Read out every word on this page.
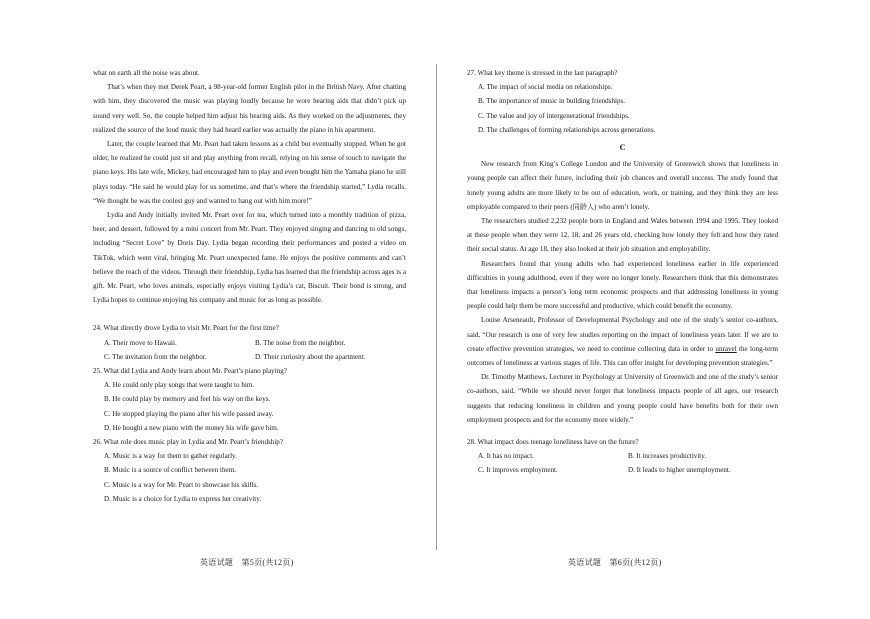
what on earth all the noise was about.

That’s when they met Derek Peart, a 98-year-old former English pilot in the British Navy. After chatting with him, they discovered the music was playing loudly because he wore hearing aids that didn’t pick up sound very well. So, the couple helped him adjust his hearing aids. As they worked on the adjustments, they realized the source of the loud music they had heard earlier was actually the piano in his apartment.

Later, the couple learned that Mr. Peart had taken lessons as a child but eventually stopped. When he got older, he realized he could just sit and play anything from recall, relying on his sense of touch to navigate the piano keys. His late wife, Mickey, had encouraged him to play and even bought him the Yamaha piano he still plays today. “He said he would play for us sometime, and that’s where the friendship started,” Lydia recalls. “We thought he was the coolest guy and wanted to hang out with him more!”

Lydia and Andy initially invited Mr. Peart over for tea, which turned into a monthly tradition of pizza, beer, and dessert, followed by a mini concert from Mr. Peart. They enjoyed singing and dancing to old songs, including “Secret Love” by Doris Day. Lydia began recording their performances and posted a video on TikTok, which went viral, bringing Mr. Peart unexpected fame. He enjoys the positive comments and can’t believe the reach of the videos. Through their friendship, Lydia has learned that the friendship across ages is a gift. Mr. Peart, who loves animals, especially enjoys visiting Lydia’s cat, Biscuit. Their bond is strong, and Lydia hopes to continue enjoying his company and music for as long as possible.

24. What directly drove Lydia to visit Mr. Peart for the first time?

A. Their move to Hawaii.	B. The noise from the neighbor.
C. The invitation from the neighbor.	D. Their curiosity about the apartment.

25. What did Lydia and Andy learn about Mr. Peart’s piano playing?

A. He could only play songs that were taught to him.

B. He could play by memory and feel his way on the keys.

C. He stopped playing the piano after his wife passed away.

D. He bought a new piano with the money his wife gave him.

26. What role does music play in Lydia and Mr. Peart’s friendship?

A. Music is a way for them to gather regularly.

B. Music is a source of conflict between them.

C. Music is a way for Mr. Peart to showcase his skills.

D. Music is a choice for Lydia to express her creativity.

27. What key theme is stressed in the last paragraph?

A. The impact of social media on relationships.

B. The importance of music in building friendships.

C. The value and joy of intergenerational friendships.

D. The challenges of forming relationships across generations.

C

New research from King’s College London and the University of Greenwich shows that loneliness in young people can affect their future, including their job chances and overall success. The study found that lonely young adults are more likely to be out of education, work, or training, and they think they are less employable compared to their peers (同龄人) who aren’t lonely.

The researchers studied 2,232 people born in England and Wales between 1994 and 1995. They looked at these people when they were 12, 18, and 26 years old, checking how lonely they felt and how they rated their social status. At age 18, they also looked at their job situation and employability.

Researchers found that young adults who had experienced loneliness earlier in life experienced difficulties in young adulthood, even if they were no longer lonely. Researchers think that this demonstrates that loneliness impacts a person’s long term economic prospects and that addressing loneliness in young people could help them be more successful and productive, which could benefit the economy.

Louise Arseneault, Professor of Developmental Psychology and one of the study’s senior co-authors, said, “Our research is one of very few studies reporting on the impact of loneliness years later. If we are to create effective prevention strategies, we need to continue collecting data in order to unravel the long-term outcomes of loneliness at various stages of life. This can offer insight for developing prevention strategies.”

Dr. Timothy Matthews, Lecturer in Psychology at University of Greenwich and one of the study’s senior co-authors, said, “While we should never forget that loneliness impacts people of all ages, our research suggests that reducing loneliness in children and young people could have benefits both for their own employment prospects and for the economy more widely.”

28. What impact does teenage loneliness have on the future?

A. It has no impact.	B. It increases productivity.
C. It improves employment.	D. It leads to higher unemployment.
英语试题　第5页(共12页)	英语试题　第6页(共12页)
